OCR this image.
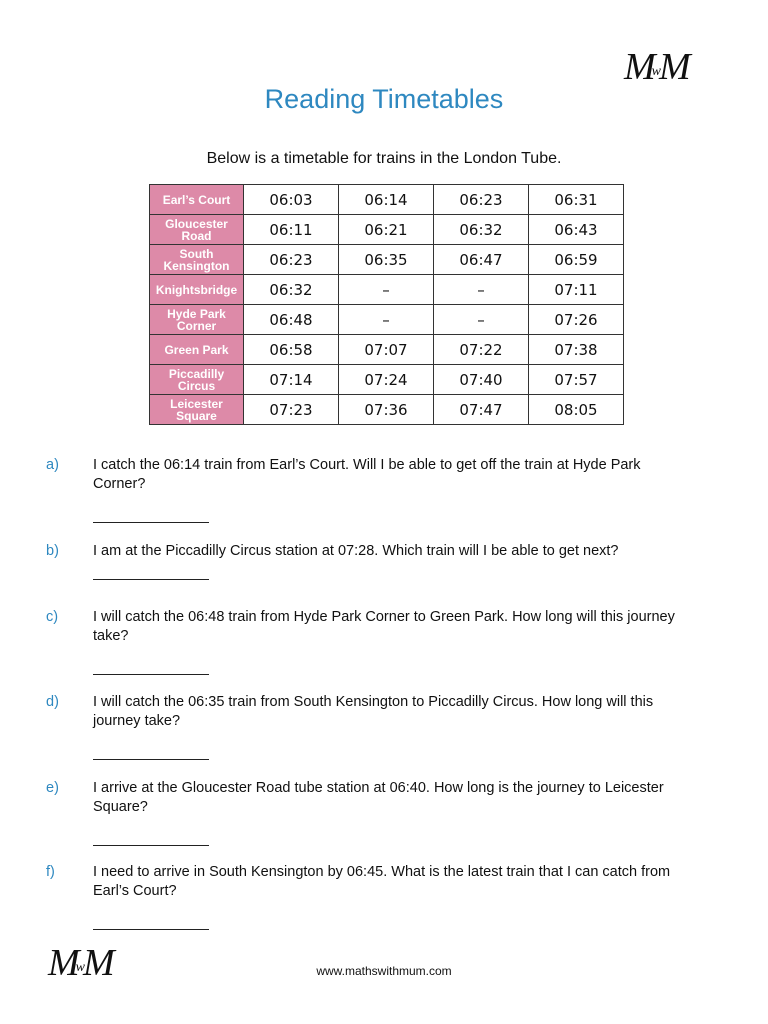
MwM
Reading Timetables

Below is a timetable for trains in the London Tube.

Earl’s Court	06:03	06:14	06:23	06:31
Gloucester
Road	06:11	06:21	06:32	06:43
South
Kensington	06:23	06:35	06:47	06:59
Knightsbridge	06:32	–	–	07:11
Hyde Park
Corner	06:48	–	–	07:26
Green Park	06:58	07:07	07:22	07:38
Piccadilly
Circus	07:14	07:24	07:40	07:57
Leicester
Square	07:23	07:36	07:47	08:05
a) I catch the 06:14 train from Earl’s Court. Will I be able to get off the train at Hyde Park
Corner?
b) I am at the Piccadilly Circus station at 07:28. Which train will I be able to get next?
c) I will catch the 06:48 train from Hyde Park Corner to Green Park. How long will this journey
take?
d) I will catch the 06:35 train from South Kensington to Piccadilly Circus. How long will this
journey take?
e) I arrive at the Gloucester Road tube station at 06:40. How long is the journey to Leicester
Square?
f)	I need to arrive in South Kensington by 06:45. What is the latest train that I can catch from
Earl’s Court?
MwM	www.mathswithmum.com
